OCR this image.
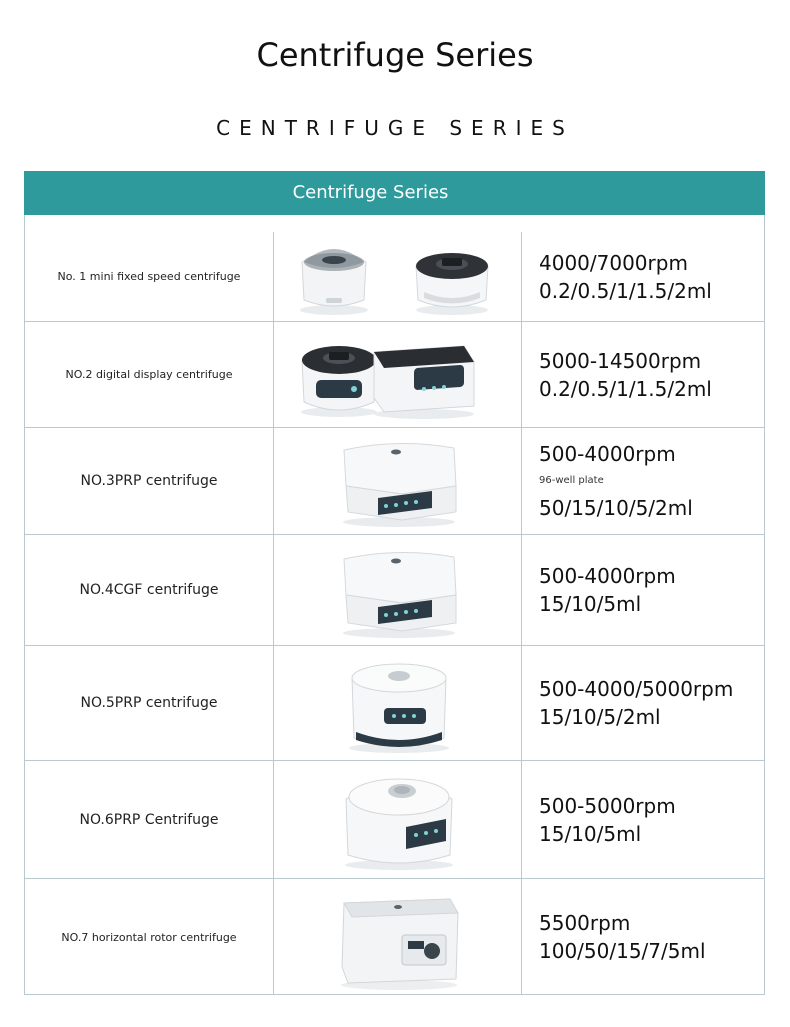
Centrifuge Series
CENTRIFUGE SERIES
Centrifuge Series
No. 1 mini fixed speed centrifuge
4000/7000rpm
0.2/0.5/1/1.5/2ml
NO.2 digital display centrifuge
5000-14500rpm
0.2/0.5/1/1.5/2ml
NO.3PRP centrifuge
500-4000rpm
96-well plate
50/15/10/5/2ml
NO.4CGF centrifuge
500-4000rpm
15/10/5ml
NO.5PRP centrifuge
500-4000/5000rpm
15/10/5/2ml
NO.6PRP Centrifuge
500-5000rpm
15/10/5ml
NO.7 horizontal rotor centrifuge
5500rpm
100/50/15/7/5ml
